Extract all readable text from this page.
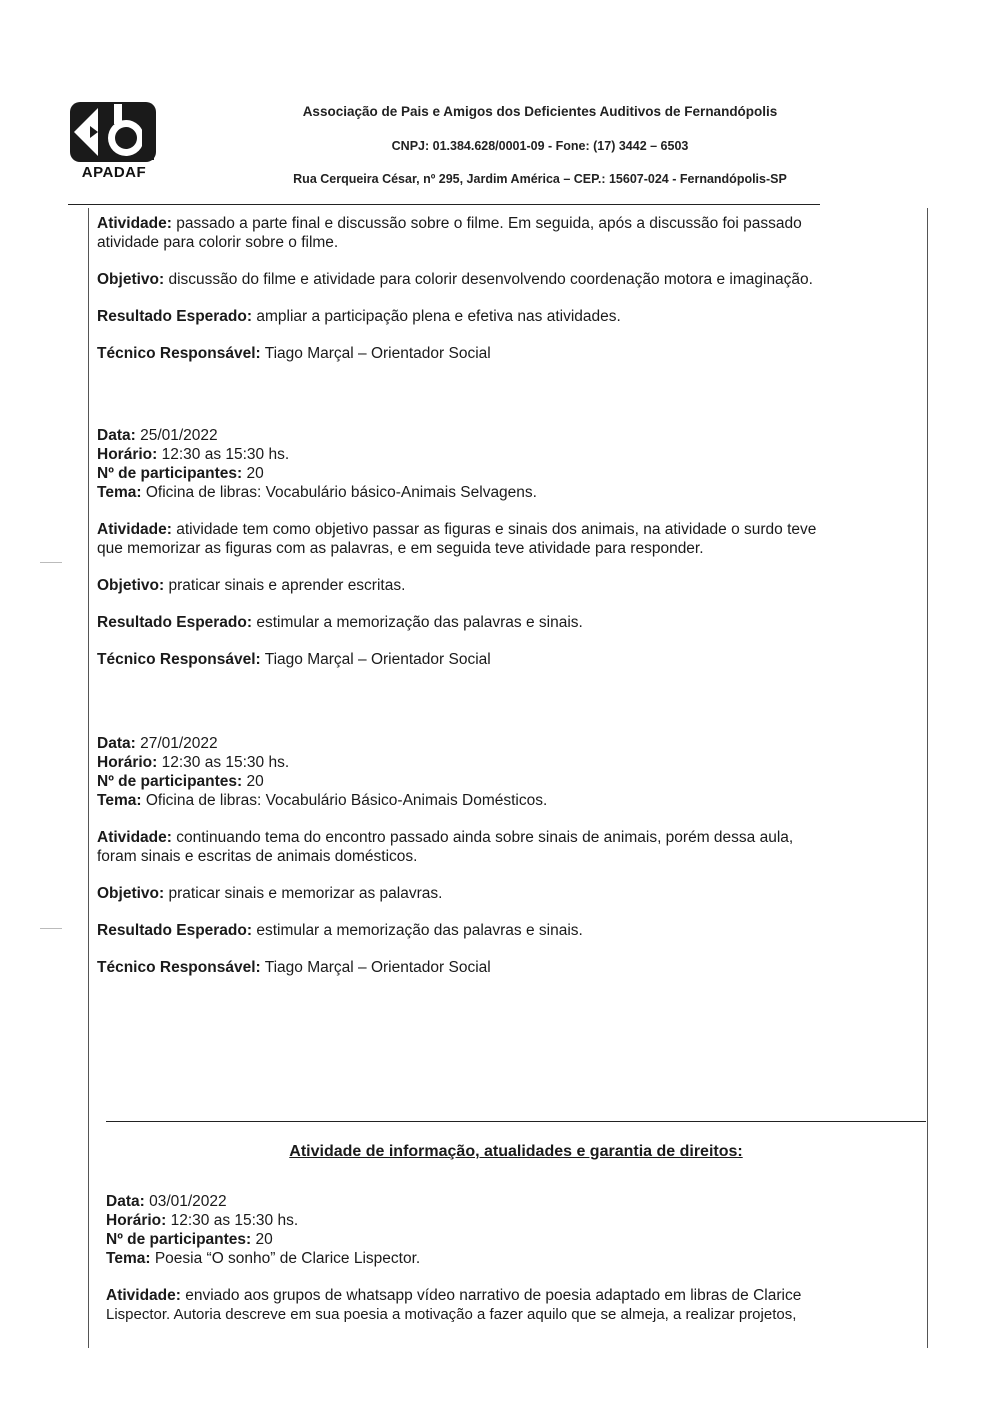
APADAF
Associação de Pais e Amigos dos Deficientes Auditivos de Fernandópolis
CNPJ: 01.384.628/0001-09 - Fone: (17) 3442 – 6503
Rua Cerqueira César, nº 295, Jardim América – CEP.: 15607-024 - Fernandópolis-SP
Atividade: passado a parte final e discussão sobre o filme. Em seguida, após a discussão foi passado
atividade para colorir sobre o filme.
Objetivo: discussão do filme e atividade para colorir desenvolvendo coordenação motora e imaginação.
Resultado Esperado: ampliar a participação plena e efetiva nas atividades.
Técnico Responsável: Tiago Marçal – Orientador Social
Data: 25/01/2022
Horário: 12:30 as 15:30 hs.
Nº de participantes: 20
Tema: Oficina de libras: Vocabulário básico-Animais Selvagens.
Atividade: atividade tem como objetivo passar as figuras e sinais dos animais, na atividade o surdo teve
que memorizar as figuras com as palavras, e em seguida teve atividade para responder.
Objetivo: praticar sinais e aprender escritas.
Resultado Esperado: estimular a memorização das palavras e sinais.
Técnico Responsável: Tiago Marçal – Orientador Social
Data: 27/01/2022
Horário: 12:30 as 15:30 hs.
Nº de participantes: 20
Tema: Oficina de libras: Vocabulário Básico-Animais Domésticos.
Atividade: continuando tema do encontro passado ainda sobre sinais de animais, porém dessa aula,
foram sinais e escritas de animais domésticos.
Objetivo: praticar sinais e memorizar as palavras.
Resultado Esperado: estimular a memorização das palavras e sinais.
Técnico Responsável: Tiago Marçal – Orientador Social
Atividade de informação, atualidades e garantia de direitos:
Data: 03/01/2022
Horário: 12:30 as 15:30 hs.
Nº de participantes: 20
Tema: Poesia “O sonho” de Clarice Lispector.
Atividade: enviado aos grupos de whatsapp vídeo narrativo de poesia adaptado em libras de Clarice
Lispector. Autoria descreve em sua poesia a motivação a fazer aquilo que se almeja, a realizar projetos,
